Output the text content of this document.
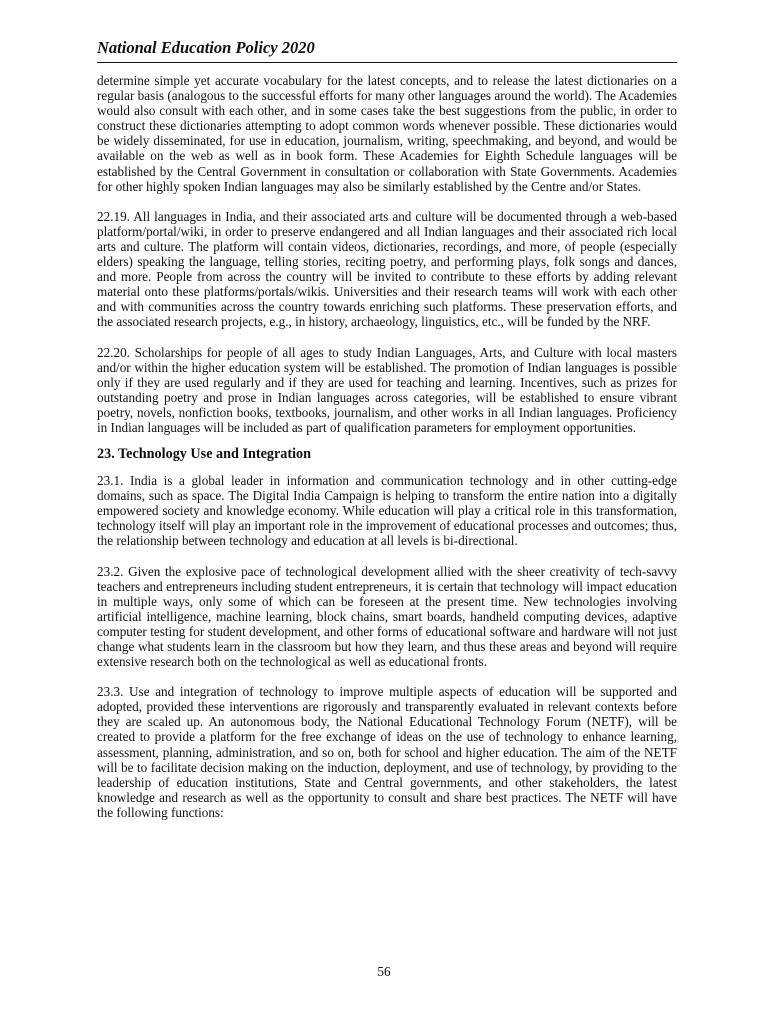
National Education Policy 2020

determine simple yet accurate vocabulary for the latest concepts, and to release the latest dictionaries on a regular basis (analogous to the successful efforts for many other languages around the world). The Academies would also consult with each other, and in some cases take the best suggestions from the public, in order to construct these dictionaries attempting to adopt common words whenever possible. These dictionaries would be widely disseminated, for use in education, journalism, writing, speechmaking, and beyond, and would be available on the web as well as in book form. These Academies for Eighth Schedule languages will be established by the Central Government in consultation or collaboration with State Governments. Academies for other highly spoken Indian languages may also be similarly established by the Centre and/or States.

22.19. All languages in India, and their associated arts and culture will be documented through a web-based platform/portal/wiki, in order to preserve endangered and all Indian languages and their associated rich local arts and culture. The platform will contain videos, dictionaries, recordings, and more, of people (especially elders) speaking the language, telling stories, reciting poetry, and performing plays, folk songs and dances, and more. People from across the country will be invited to contribute to these efforts by adding relevant material onto these platforms/portals/wikis. Universities and their research teams will work with each other and with communities across the country towards enriching such platforms. These preservation efforts, and the associated research projects, e.g., in history, archaeology, linguistics, etc., will be funded by the NRF.

22.20. Scholarships for people of all ages to study Indian Languages, Arts, and Culture with local masters and/or within the higher education system will be established. The promotion of Indian languages is possible only if they are used regularly and if they are used for teaching and learning. Incentives, such as prizes for outstanding poetry and prose in Indian languages across categories, will be established to ensure vibrant poetry, novels, nonfiction books, textbooks, journalism, and other works in all Indian languages. Proficiency in Indian languages will be included as part of qualification parameters for employment opportunities.

23. Technology Use and Integration

23.1. India is a global leader in information and communication technology and in other cutting-edge domains, such as space. The Digital India Campaign is helping to transform the entire nation into a digitally empowered society and knowledge economy. While education will play a critical role in this transformation, technology itself will play an important role in the improvement of educational processes and outcomes; thus, the relationship between technology and education at all levels is bi-directional.

23.2. Given the explosive pace of technological development allied with the sheer creativity of tech-savvy teachers and entrepreneurs including student entrepreneurs, it is certain that technology will impact education in multiple ways, only some of which can be foreseen at the present time. New technologies involving artificial intelligence, machine learning, block chains, smart boards, handheld computing devices, adaptive computer testing for student development, and other forms of educational software and hardware will not just change what students learn in the classroom but how they learn, and thus these areas and beyond will require extensive research both on the technological as well as educational fronts.

23.3. Use and integration of technology to improve multiple aspects of education will be supported and adopted, provided these interventions are rigorously and transparently evaluated in relevant contexts before they are scaled up. An autonomous body, the National Educational Technology Forum (NETF), will be created to provide a platform for the free exchange of ideas on the use of technology to enhance learning, assessment, planning, administration, and so on, both for school and higher education. The aim of the NETF will be to facilitate decision making on the induction, deployment, and use of technology, by providing to the leadership of education institutions, State and Central governments, and other stakeholders, the latest knowledge and research as well as the opportunity to consult and share best practices. The NETF will have the following functions:

56
